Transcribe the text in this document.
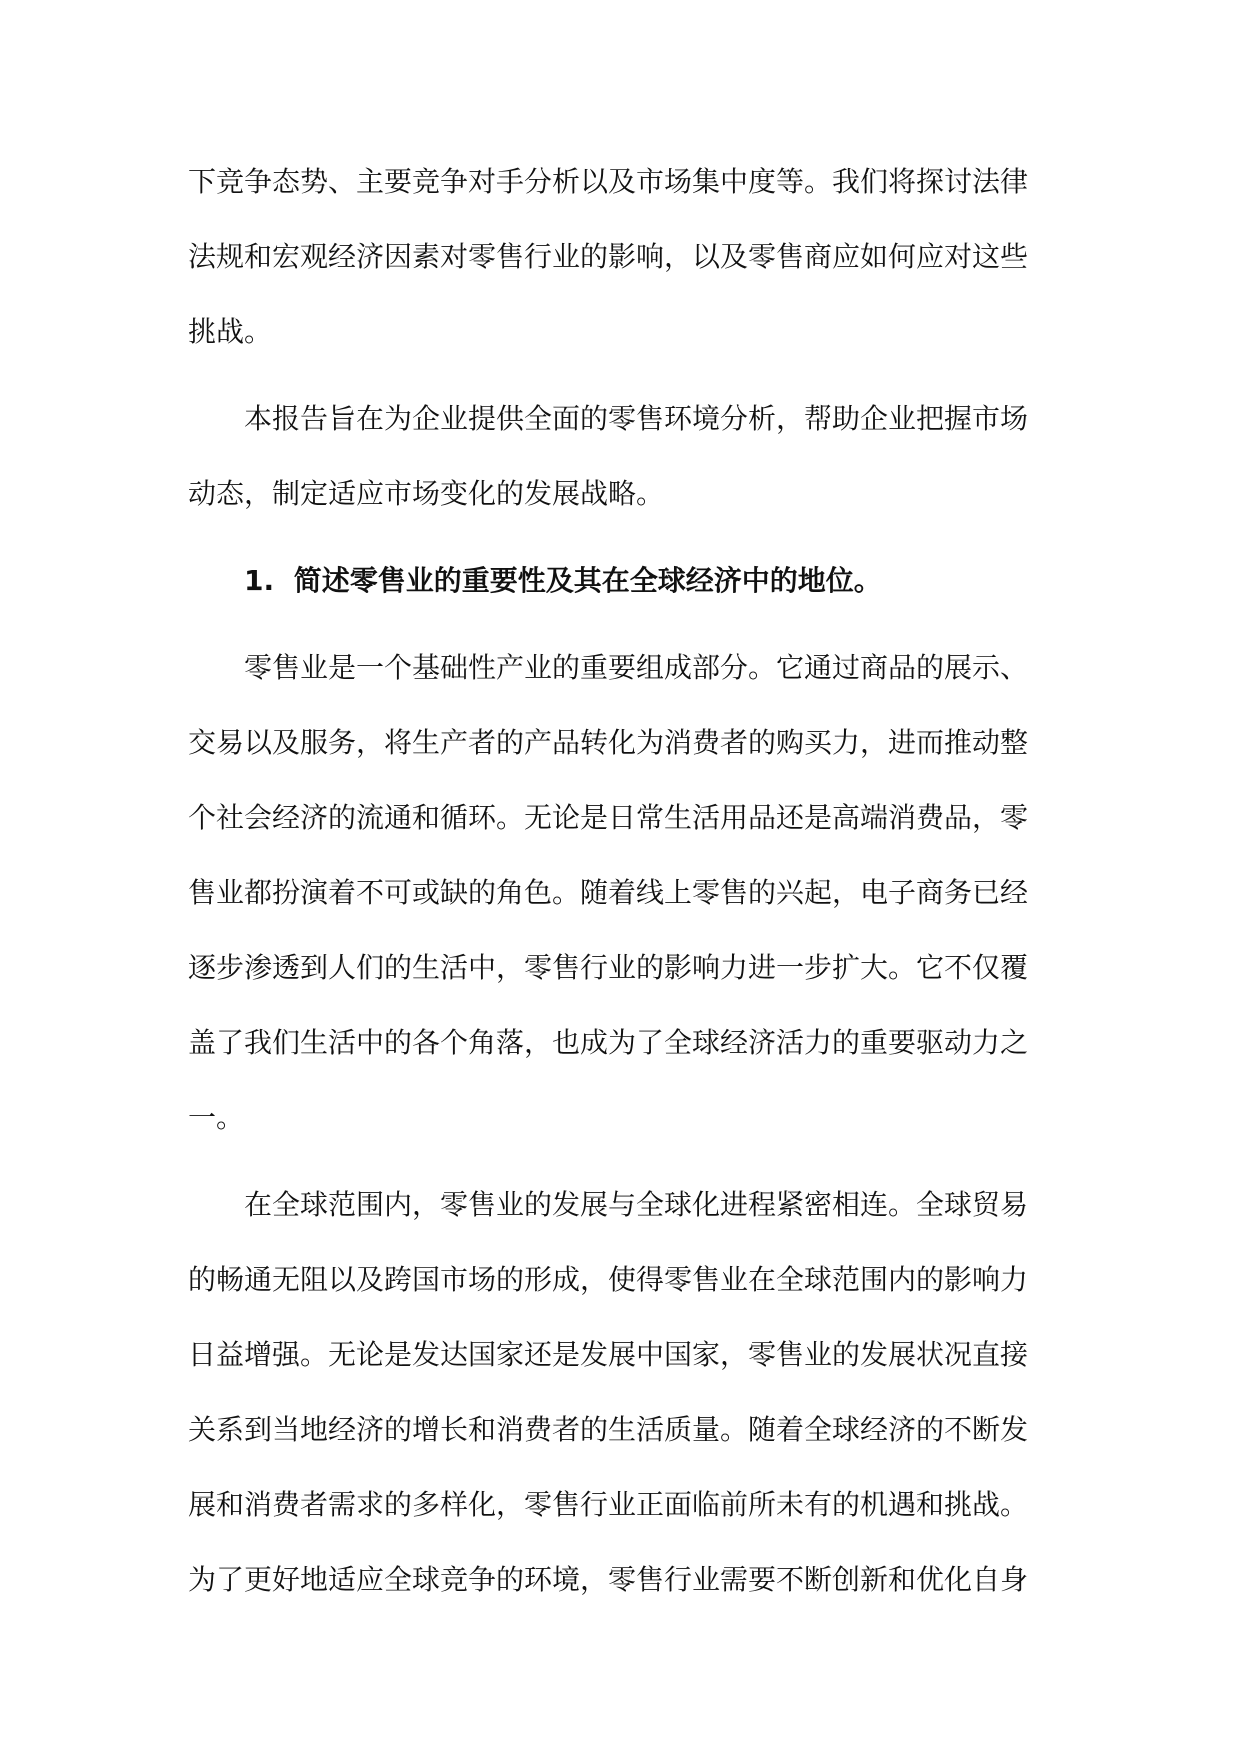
下竞争态势、主要竞争对手分析以及市场集中度等。我们将探讨法律
法规和宏观经济因素对零售行业的影响，以及零售商应如何应对这些
挑战。

本报告旨在为企业提供全面的零售环境分析，帮助企业把握市场
动态，制定适应市场变化的发展战略。

1. 简述零售业的重要性及其在全球经济中的地位。

零售业是一个基础性产业的重要组成部分。它通过商品的展示、
交易以及服务，将生产者的产品转化为消费者的购买力，进而推动整
个社会经济的流通和循环。无论是日常生活用品还是高端消费品，零
售业都扮演着不可或缺的角色。随着线上零售的兴起，电子商务已经
逐步渗透到人们的生活中，零售行业的影响力进一步扩大。它不仅覆
盖了我们生活中的各个角落，也成为了全球经济活力的重要驱动力之
一。

在全球范围内，零售业的发展与全球化进程紧密相连。全球贸易
的畅通无阻以及跨国市场的形成，使得零售业在全球范围内的影响力
日益增强。无论是发达国家还是发展中国家，零售业的发展状况直接
关系到当地经济的增长和消费者的生活质量。随着全球经济的不断发
展和消费者需求的多样化，零售行业正面临前所未有的机遇和挑战。
为了更好地适应全球竞争的环境，零售行业需要不断创新和优化自身
